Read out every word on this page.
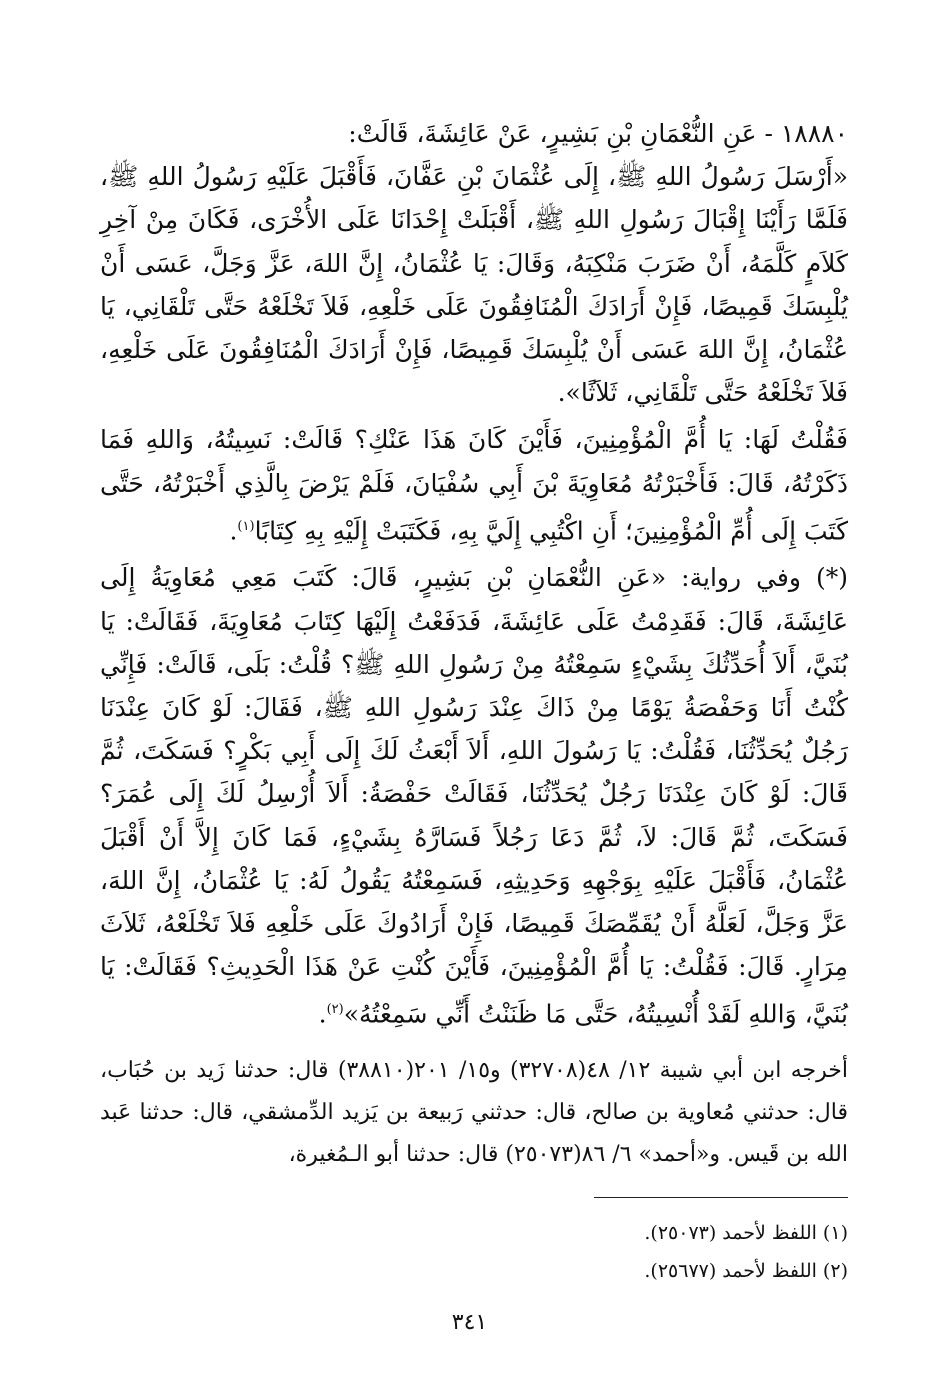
١٨٨٨٠ - عَنِ النُّعْمَانِ بْنِ بَشِيرٍ، عَنْ عَائِشَةَ، قَالَتْ:

«أَرْسَلَ رَسُولُ اللهِ ﷺ، إِلَى عُثْمَانَ بْنِ عَفَّانَ، فَأَقْبَلَ عَلَيْهِ رَسُولُ اللهِ ﷺ، فَلَمَّا رَأَيْنَا إِقْبَالَ رَسُولِ اللهِ ﷺ، أَقْبَلَتْ إِحْدَانَا عَلَى الأُخْرَى، فَكَانَ مِنْ آخِرِ كَلاَمٍ كَلَّمَهُ، أَنْ ضَرَبَ مَنْكِبَهُ، وَقَالَ: يَا عُثْمَانُ، إِنَّ اللهَ، عَزَّ وَجَلَّ، عَسَى أَنْ يُلْبِسَكَ قَمِيصًا، فَإِنْ أَرَادَكَ الْمُنَافِقُونَ عَلَى خَلْعِهِ، فَلاَ تَخْلَعْهُ حَتَّى تَلْقَانِي، يَا عُثْمَانُ، إِنَّ اللهَ عَسَى أَنْ يُلْبِسَكَ قَمِيصًا، فَإِنْ أَرَادَكَ الْمُنَافِقُونَ عَلَى خَلْعِهِ، فَلاَ تَخْلَعْهُ حَتَّى تَلْقَانِي، ثَلاَثًا».

فَقُلْتُ لَهَا: يَا أُمَّ الْمُؤْمِنِينَ، فَأَيْنَ كَانَ هَذَا عَنْكِ؟ قَالَتْ: نَسِيتُهُ، وَاللهِ فَمَا ذَكَرْتُهُ، قَالَ: فَأَخْبَرْتُهُ مُعَاوِيَةَ بْنَ أَبِي سُفْيَانَ، فَلَمْ يَرْضَ بِالَّذِي أَخْبَرْتُهُ، حَتَّى كَتَبَ إِلَى أُمِّ الْمُؤْمِنِينَ؛ أَنِ اكْتُبِي إِلَيَّ بِهِ، فَكَتَبَتْ إِلَيْهِ بِهِ كِتَابًا$^{(١)}$.

(*) وفي رواية: «عَنِ النُّعْمَانِ بْنِ بَشِيرٍ، قَالَ: كَتَبَ مَعِي مُعَاوِيَةُ إِلَى عَائِشَةَ، قَالَ: فَقَدِمْتُ عَلَى عَائِشَةَ، فَدَفَعْتُ إِلَيْهَا كِتَابَ مُعَاوِيَةَ، فَقَالَتْ: يَا بُنَيَّ، أَلاَ أُحَدِّثُكَ بِشَيْءٍ سَمِعْتُهُ مِنْ رَسُولِ اللهِ ﷺ؟ قُلْتُ: بَلَى، قَالَتْ: فَإِنِّي كُنْتُ أَنَا وَحَفْصَةُ يَوْمًا مِنْ ذَاكَ عِنْدَ رَسُولِ اللهِ ﷺ، فَقَالَ: لَوْ كَانَ عِنْدَنَا رَجُلٌ يُحَدِّثُنَا، فَقُلْتُ: يَا رَسُولَ اللهِ، أَلاَ أَبْعَثُ لَكَ إِلَى أَبِي بَكْرٍ؟ فَسَكَتَ، ثُمَّ قَالَ: لَوْ كَانَ عِنْدَنَا رَجُلٌ يُحَدِّثُنَا، فَقَالَتْ حَفْصَةُ: أَلاَ أُرْسِلُ لَكَ إِلَى عُمَرَ؟ فَسَكَتَ، ثُمَّ قَالَ: لاَ، ثُمَّ دَعَا رَجُلاً فَسَارَّهُ بِشَيْءٍ، فَمَا كَانَ إِلاَّ أَنْ أَقْبَلَ عُثْمَانُ، فَأَقْبَلَ عَلَيْهِ بِوَجْهِهِ وَحَدِيثِهِ، فَسَمِعْتُهُ يَقُولُ لَهُ: يَا عُثْمَانُ، إِنَّ اللهَ، عَزَّ وَجَلَّ، لَعَلَّهُ أَنْ يُقَمِّصَكَ قَمِيصًا، فَإِنْ أَرَادُوكَ عَلَى خَلْعِهِ فَلاَ تَخْلَعْهُ، ثَلاَثَ مِرَارٍ. قَالَ: فَقُلْتُ: يَا أُمَّ الْمُؤْمِنِينَ، فَأَيْنَ كُنْتِ عَنْ هَذَا الْحَدِيثِ؟ فَقَالَتْ: يَا بُنَيَّ، وَاللهِ لَقَدْ أُنْسِيتُهُ، حَتَّى مَا ظَنَنْتُ أَنِّي سَمِعْتُهُ»$^{(٢)}$.

أخرجه ابن أبي شيبة ١٢/ ٤٨(٣٢٧٠٨) و١٥/ ٢٠١(٣٨٨١٠) قال: حدثنا زَيد بن حُبَاب، قال: حدثني مُعاوية بن صالح، قال: حدثني رَبيعة بن يَزيد الدِّمشقي، قال: حدثنا عَبد الله بن قَيس. و«أحمد» ٦/ ٨٦(٢٥٠٧٣) قال: حدثنا أبو الـمُغيرة،

(١) اللفظ لأحمد (٢٥٠٧٣).

(٢) اللفظ لأحمد (٢٥٦٧٧).

٣٤١
